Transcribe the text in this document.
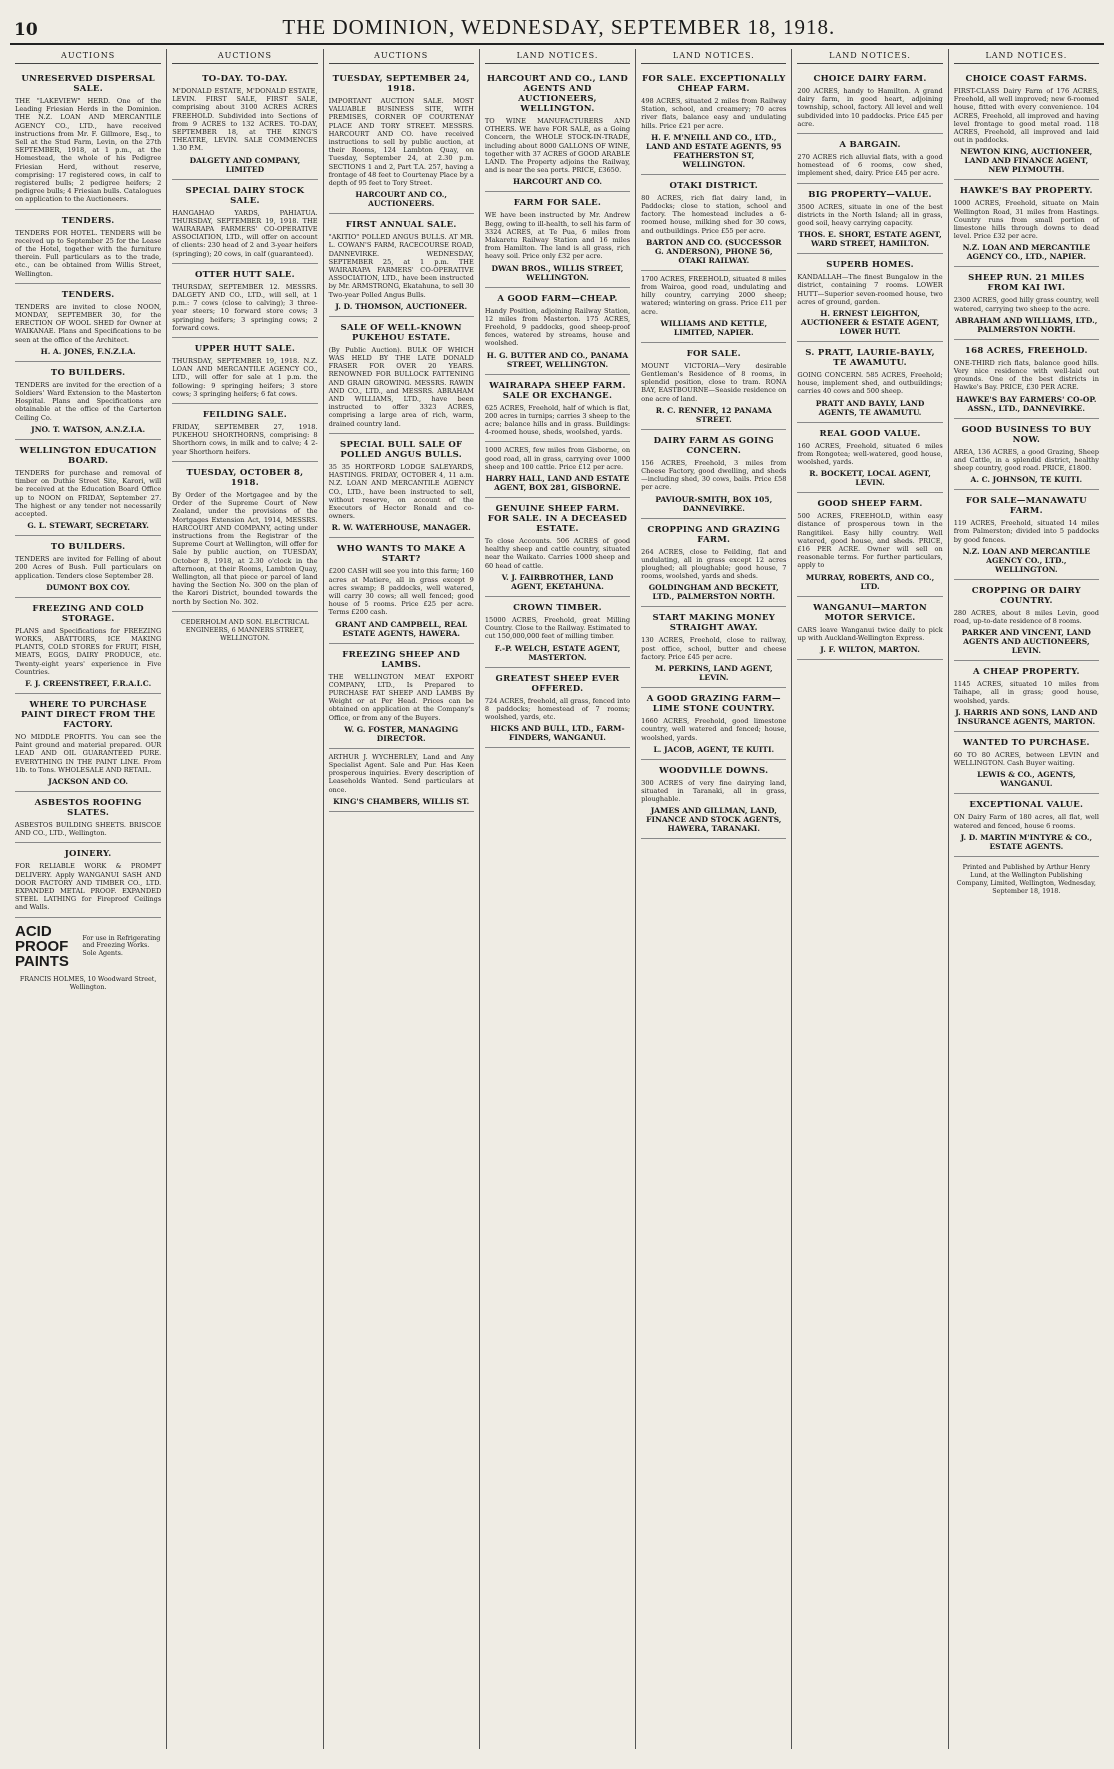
10	THE DOMINION, WEDNESDAY, SEPTEMBER 18, 1918.
AUCTIONS
UNRESERVED DISPERSAL SALE.

THE "LAKEVIEW" HERD. One of the Leading Friesian Herds in the Dominion. THE N.Z. LOAN AND MERCANTILE AGENCY CO., LTD., have received instructions from Mr. F. Gillmore, Esq., to Sell at the Stud Farm, Levin, on the 27th SEPTEMBER, 1918, at 1 p.m., at the Homestead, the whole of his Pedigree Friesian Herd, without reserve, comprising: 17 registered cows, in calf to registered bulls; 2 pedigree heifers; 2 pedigree bulls; 4 Friesian bulls. Catalogues on application to the Auctioneers.

TENDERS.

TENDERS FOR HOTEL. TENDERS will be received up to September 25 for the Lease of the Hotel, together with the furniture therein. Full particulars as to the trade, etc., can be obtained from Willis Street, Wellington.

TENDERS.

TENDERS are invited to close NOON, MONDAY, SEPTEMBER 30, for the ERECTION OF WOOL SHED for Owner at WAIKANAE. Plans and Specifications to be seen at the office of the Architect.

H. A. JONES, F.N.Z.I.A.
TO BUILDERS.

TENDERS are invited for the erection of a Soldiers' Ward Extension to the Masterton Hospital. Plans and Specifications are obtainable at the office of the Carterton Ceiling Co.

JNO. T. WATSON, A.N.Z.I.A.
WELLINGTON EDUCATION BOARD.

TENDERS for purchase and removal of timber on Duthie Street Site, Karori, will be received at the Education Board Office up to NOON on FRIDAY, September 27. The highest or any tender not necessarily accepted.

G. L. STEWART, SECRETARY.
TO BUILDERS.

TENDERS are invited for Felling of about 200 Acres of Bush. Full particulars on application. Tenders close September 28.

DUMONT BOX COY.
FREEZING AND COLD STORAGE.

PLANS and Specifications for FREEZING WORKS, ABATTOIRS, ICE MAKING PLANTS, COLD STORES for FRUIT, FISH, MEATS, EGGS, DAIRY PRODUCE, etc. Twenty-eight years' experience in Five Countries.

F. J. CREENSTREET, F.R.A.I.C.
WHERE TO PURCHASE PAINT DIRECT FROM THE FACTORY.

NO MIDDLE PROFITS. You can see the Paint ground and material prepared. OUR LEAD AND OIL GUARANTEED PURE. EVERYTHING IN THE PAINT LINE. From 1lb. to Tons. WHOLESALE AND RETAIL.

JACKSON AND CO.
ASBESTOS ROOFING SLATES.

ASBESTOS BUILDING SHEETS. BRISCOE AND CO., LTD., Wellington.

JOINERY.

FOR RELIABLE WORK & PROMPT DELIVERY. Apply WANGANUI SASH AND DOOR FACTORY AND TIMBER CO., LTD. EXPANDED METAL PROOF. EXPANDED STEEL LATHING for Fireproof Ceilings and Walls.

ACID PROOF PAINTS
For use in Refrigerating and Freezing Works. Sole Agents.
FRANCIS HOLMES, 10 Woodward Street, Wellington.
AUCTIONS
TO-DAY. TO-DAY.

M'DONALD ESTATE, M'DONALD ESTATE, LEVIN. FIRST SALE, FIRST SALE, comprising about 3100 ACRES ACRES FREEHOLD. Subdivided into Sections of from 9 ACRES to 132 ACRES. TO-DAY, SEPTEMBER 18, at THE KING'S THEATRE, LEVIN. SALE COMMENCES 1.30 P.M.

DALGETY AND COMPANY, LIMITED
SPECIAL DAIRY STOCK SALE.

HANGAHAO YARDS, PAHIATUA. THURSDAY, SEPTEMBER 19, 1918. THE WAIRARAPA FARMERS' CO-OPERATIVE ASSOCIATION, LTD., will offer on account of clients: 230 head of 2 and 3-year heifers (springing); 20 cows, in calf (guaranteed).

OTTER HUTT SALE.

THURSDAY, SEPTEMBER 12. MESSRS. DALGETY AND CO., LTD., will sell, at 1 p.m.: 7 cows (close to calving); 3 three-year steers; 10 forward store cows; 3 springing heifers; 3 springing cows; 2 forward cows.

UPPER HUTT SALE.

THURSDAY, SEPTEMBER 19, 1918. N.Z. LOAN AND MERCANTILE AGENCY CO., LTD., will offer for sale at 1 p.m. the following: 9 springing heifers; 3 store cows; 3 springing heifers; 6 fat cows.

FEILDING SALE.

FRIDAY, SEPTEMBER 27, 1918. PUKEHOU SHORTHORNS, comprising: 8 Shorthorn cows, in milk and to calve; 4 2-year Shorthorn heifers.

TUESDAY, OCTOBER 8, 1918.

By Order of the Mortgagee and by the Order of the Supreme Court of New Zealand, under the provisions of the Mortgages Extension Act, 1914, MESSRS. HARCOURT AND COMPANY, acting under instructions from the Registrar of the Supreme Court at Wellington, will offer for Sale by public auction, on TUESDAY, October 8, 1918, at 2.30 o'clock in the afternoon, at their Rooms, Lambton Quay, Wellington, all that piece or parcel of land having the Section No. 300 on the plan of the Karori District, bounded towards the north by Section No. 302.

CEDERHOLM AND SON. ELECTRICAL ENGINEERS, 6 MANNERS STREET, WELLINGTON.
AUCTIONS
TUESDAY, SEPTEMBER 24, 1918.

IMPORTANT AUCTION SALE. MOST VALUABLE BUSINESS SITE, WITH PREMISES, CORNER OF COURTENAY PLACE AND TORY STREET. MESSRS. HARCOURT AND CO. have received instructions to sell by public auction, at their Rooms, 124 Lambton Quay, on Tuesday, September 24, at 2.30 p.m. SECTIONS 1 and 2, Part T.A. 257, having a frontage of 48 feet to Courtenay Place by a depth of 95 feet to Tory Street.

HARCOURT AND CO., AUCTIONEERS.
FIRST ANNUAL SALE.

"AKITIO" POLLED ANGUS BULLS. AT MR. L. COWAN'S FARM, RACECOURSE ROAD, DANNEVIRKE. WEDNESDAY, SEPTEMBER 25, at 1 p.m. THE WAIRARAPA FARMERS' CO-OPERATIVE ASSOCIATION, LTD., have been instructed by Mr. ARMSTRONG, Ekatahuna, to sell 30 Two-year Polled Angus Bulls.

J. D. THOMSON, AUCTIONEER.
SALE OF WELL-KNOWN PUKEHOU ESTATE.

(By Public Auction). BULK OF WHICH WAS HELD BY THE LATE DONALD FRASER FOR OVER 20 YEARS. RENOWNED FOR BULLOCK FATTENING AND GRAIN GROWING. MESSRS. RAWIN AND CO., LTD., and MESSRS. ABRAHAM AND WILLIAMS, LTD., have been instructed to offer 3323 ACRES, comprising a large area of rich, warm, drained country land.

SPECIAL BULL SALE OF POLLED ANGUS BULLS.

35 35 HORTFORD LODGE SALEYARDS, HASTINGS. FRIDAY, OCTOBER 4, 11 a.m. N.Z. LOAN AND MERCANTILE AGENCY CO., LTD., have been instructed to sell, without reserve, on account of the Executors of Hector Ronald and co-owners.

R. W. WATERHOUSE, MANAGER.
WHO WANTS TO MAKE A START?

£200 CASH will see you into this farm; 160 acres at Matiere, all in grass except 9 acres swamp; 8 paddocks, well watered, will carry 30 cows; all well fenced; good house of 5 rooms. Price £25 per acre. Terms £200 cash.

GRANT AND CAMPBELL, REAL ESTATE AGENTS, HAWERA.
FREEZING SHEEP AND LAMBS.

THE WELLINGTON MEAT EXPORT COMPANY, LTD., Is Prepared to PURCHASE FAT SHEEP AND LAMBS By Weight or at Per Head. Prices can be obtained on application at the Company's Office, or from any of the Buyers.

W. G. FOSTER, MANAGING DIRECTOR.

ARTHUR J. WYCHERLEY, Land and Any Specialist Agent. Sale and Pur. Has Keen prosperous inquiries. Every description of Leaseholds Wanted. Send particulars at once.

KING'S CHAMBERS, WILLIS ST.
LAND NOTICES.
HARCOURT AND CO., LAND AGENTS AND AUCTIONEERS, WELLINGTON.

TO WINE MANUFACTURERS AND OTHERS. WE have FOR SALE, as a Going Concern, the WHOLE STOCK-IN-TRADE, including about 8000 GALLONS OF WINE, together with 37 ACRES of GOOD ARABLE LAND. The Property adjoins the Railway, and is near the sea ports. PRICE, £3650.

HARCOURT AND CO.
FARM FOR SALE.

WE have been instructed by Mr. Andrew Begg, owing to ill-health, to sell his farm of 3324 ACRES, at Te Pua, 6 miles from Makaretu Railway Station and 16 miles from Hamilton. The land is all grass, rich heavy soil. Price only £32 per acre.

DWAN BROS., WILLIS STREET, WELLINGTON.
A GOOD FARM—CHEAP.

Handy Position, adjoining Railway Station, 12 miles from Masterton. 175 ACRES, Freehold, 9 paddocks, good sheep-proof fences, watered by streams, house and woolshed.

H. G. BUTTER AND CO., PANAMA STREET, WELLINGTON.
WAIRARAPA SHEEP FARM. SALE OR EXCHANGE.

625 ACRES, Freehold, half of which is flat, 200 acres in turnips; carries 3 sheep to the acre; balance hills and in grass. Buildings: 4-roomed house, sheds, woolshed, yards.

1000 ACRES, few miles from Gisborne, on good road, all in grass, carrying over 1000 sheep and 100 cattle. Price £12 per acre.

HARRY HALL, LAND AND ESTATE AGENT, BOX 281, GISBORNE.
GENUINE SHEEP FARM. FOR SALE. IN A DECEASED ESTATE.

To close Accounts. 506 ACRES of good healthy sheep and cattle country, situated near the Waikato. Carries 1000 sheep and 60 head of cattle.

V. J. FAIRBROTHER, LAND AGENT, EKETAHUNA.
CROWN TIMBER.

15000 ACRES, Freehold, great Milling Country. Close to the Railway. Estimated to cut 150,000,000 feet of milling timber.

F.-P. WELCH, ESTATE AGENT, MASTERTON.
GREATEST SHEEP EVER OFFERED.

724 ACRES, freehold, all grass, fenced into 8 paddocks; homestead of 7 rooms; woolshed, yards, etc.

HICKS AND BULL, LTD., FARM-FINDERS, WANGANUI.
LAND NOTICES.
FOR SALE. EXCEPTIONALLY CHEAP FARM.

498 ACRES, situated 2 miles from Railway Station, school, and creamery; 70 acres river flats, balance easy and undulating hills. Price £21 per acre.

H. F. M'NEILL AND CO., LTD., LAND AND ESTATE AGENTS, 95 FEATHERSTON ST, WELLINGTON.
OTAKI DISTRICT.

80 ACRES, rich flat dairy land, in Paddocks; close to station, school and factory. The homestead includes a 6-roomed house, milking shed for 30 cows, and outbuildings. Price £55 per acre.

BARTON AND CO. (SUCCESSOR G. ANDERSON), PHONE 56, OTAKI RAILWAY.

1700 ACRES, FREEHOLD, situated 8 miles from Wairoa, good road, undulating and hilly country, carrying 2000 sheep; watered; wintering on grass. Price £11 per acre.

WILLIAMS AND KETTLE, LIMITED, NAPIER.
FOR SALE.

MOUNT VICTORIA—Very desirable Gentleman's Residence of 8 rooms, in splendid position, close to tram. RONA BAY, EASTBOURNE—Seaside residence on one acre of land.

R. C. RENNER, 12 PANAMA STREET.
DAIRY FARM AS GOING CONCERN.

156 ACRES, Freehold, 3 miles from Cheese Factory, good dwelling, and sheds—including shed, 30 cows, bails. Price £58 per acre.

PAVIOUR-SMITH, BOX 105, DANNEVIRKE.
CROPPING AND GRAZING FARM.

264 ACRES, close to Feilding, flat and undulating, all in grass except 12 acres ploughed; all ploughable; good house, 7 rooms, woolshed, yards and sheds.

GOLDINGHAM AND BECKETT, LTD., PALMERSTON NORTH.
START MAKING MONEY STRAIGHT AWAY.

130 ACRES, Freehold, close to railway, post office, school, butter and cheese factory. Price £45 per acre.

M. PERKINS, LAND AGENT, LEVIN.
A GOOD GRAZING FARM—LIME STONE COUNTRY.

1660 ACRES, Freehold, good limestone country, well watered and fenced; house, woolshed, yards.

L. JACOB, AGENT, TE KUITI.
WOODVILLE DOWNS.

300 ACRES of very fine dairying land, situated in Taranaki, all in grass, ploughable.

JAMES AND GILLMAN, LAND, FINANCE AND STOCK AGENTS, HAWERA, TARANAKI.
LAND NOTICES.
CHOICE DAIRY FARM.

200 ACRES, handy to Hamilton. A grand dairy farm, in good heart, adjoining township, school, factory. All level and well subdivided into 10 paddocks. Price £45 per acre.

A BARGAIN.

270 ACRES rich alluvial flats, with a good homestead of 6 rooms, cow shed, implement shed, dairy. Price £45 per acre.

BIG PROPERTY—VALUE.

3500 ACRES, situate in one of the best districts in the North Island; all in grass, good soil, heavy carrying capacity.

THOS. E. SHORT, ESTATE AGENT, WARD STREET, HAMILTON.
SUPERB HOMES.

KANDALLAH—The finest Bungalow in the district, containing 7 rooms. LOWER HUTT—Superior seven-roomed house, two acres of ground, garden.

H. ERNEST LEIGHTON, AUCTIONEER & ESTATE AGENT, LOWER HUTT.
S. PRATT, LAURIE-BAYLY, TE AWAMUTU.

GOING CONCERN. 585 ACRES, Freehold; house, implement shed, and outbuildings; carries 40 cows and 500 sheep.

PRATT AND BAYLY, LAND AGENTS, TE AWAMUTU.
REAL GOOD VALUE.

160 ACRES, Freehold, situated 6 miles from Rongotea; well-watered, good house, woolshed, yards.

R. BOCKETT, LOCAL AGENT, LEVIN.
GOOD SHEEP FARM.

500 ACRES, FREEHOLD, within easy distance of prosperous town in the Rangitikei. Easy hilly country. Well watered, good house, and sheds. PRICE, £16 PER ACRE. Owner will sell on reasonable terms. For further particulars, apply to

MURRAY, ROBERTS, AND CO., LTD.
WANGANUI—MARTON MOTOR SERVICE.

CARS leave Wanganui twice daily to pick up with Auckland-Wellington Express.

J. F. WILTON, MARTON.
LAND NOTICES.
CHOICE COAST FARMS.

FIRST-CLASS Dairy Farm of 176 ACRES, Freehold, all well improved; new 6-roomed house, fitted with every convenience. 104 ACRES, Freehold, all improved and having level frontage to good metal road. 118 ACRES, Freehold, all improved and laid out in paddocks.

NEWTON KING, AUCTIONEER, LAND AND FINANCE AGENT, NEW PLYMOUTH.
HAWKE'S BAY PROPERTY.

1000 ACRES, Freehold, situate on Main Wellington Road, 31 miles from Hastings. Country runs from small portion of limestone hills through downs to dead level. Price £32 per acre.

N.Z. LOAN AND MERCANTILE AGENCY CO., LTD., NAPIER.
SHEEP RUN. 21 MILES FROM KAI IWI.

2300 ACRES, good hilly grass country, well watered, carrying two sheep to the acre.

ABRAHAM AND WILLIAMS, LTD., PALMERSTON NORTH.
168 ACRES, FREEHOLD.

ONE-THIRD rich flats, balance good hills. Very nice residence with well-laid out grounds. One of the best districts in Hawke's Bay. PRICE, £30 PER ACRE.

HAWKE'S BAY FARMERS' CO-OP. ASSN., LTD., DANNEVIRKE.
GOOD BUSINESS TO BUY NOW.

AREA, 136 ACRES, a good Grazing, Sheep and Cattle, in a splendid district, healthy sheep country, good road. PRICE, £1800.

A. C. JOHNSON, TE KUITI.
FOR SALE—MANAWATU FARM.

119 ACRES, Freehold, situated 14 miles from Palmerston; divided into 5 paddocks by good fences.

N.Z. LOAN AND MERCANTILE AGENCY CO., LTD., WELLINGTON.
CROPPING OR DAIRY COUNTRY.

280 ACRES, about 8 miles Levin, good road, up-to-date residence of 8 rooms.

PARKER AND VINCENT, LAND AGENTS AND AUCTIONEERS, LEVIN.
A CHEAP PROPERTY.

1145 ACRES, situated 10 miles from Taihape, all in grass; good house, woolshed, yards.

J. HARRIS AND SONS, LAND AND INSURANCE AGENTS, MARTON.
WANTED TO PURCHASE.

60 TO 80 ACRES, between LEVIN and WELLINGTON. Cash Buyer waiting.

LEWIS & CO., AGENTS, WANGANUI.
EXCEPTIONAL VALUE.

ON Dairy Farm of 180 acres, all flat, well watered and fenced, house 6 rooms.

J. D. MARTIN M'INTYRE & CO., ESTATE AGENTS.
Printed and Published by Arthur Henry Lund, at the Wellington Publishing Company, Limited, Wellington, Wednesday, September 18, 1918.
